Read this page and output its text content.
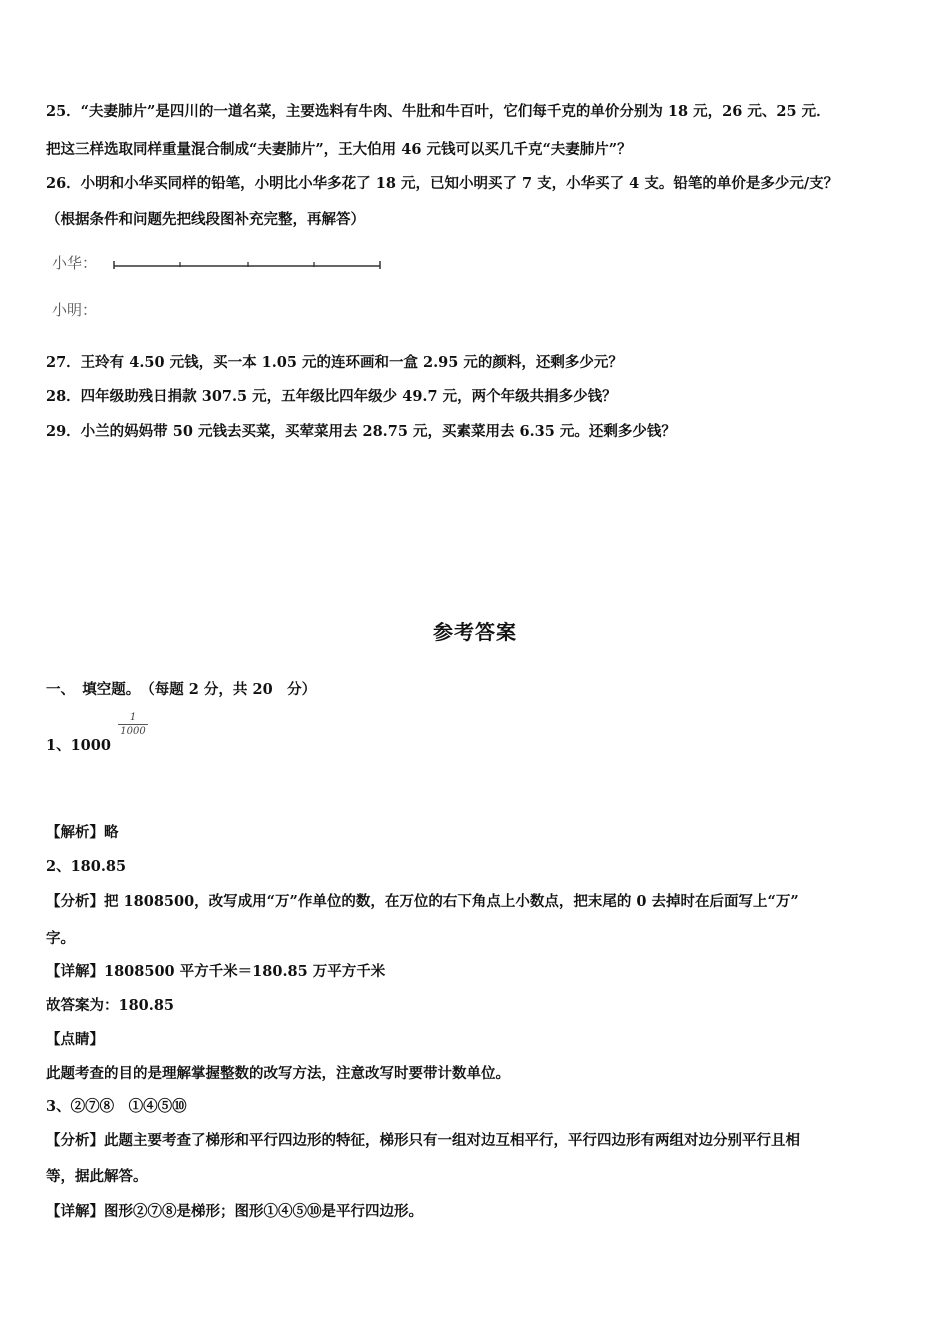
25．“夫妻肺片”是四川的一道名菜，主要选料有牛肉、牛肚和牛百叶，它们每千克的单价分别为 18 元，26 元、25 元．
把这三样选取同样重量混合制成“夫妻肺片”，王大伯用 46 元钱可以买几千克“夫妻肺片”？
26．小明和小华买同样的铅笔，小明比小华多花了 18 元，已知小明买了 7 支，小华买了 4 支。铅笔的单价是多少元/支？
（根据条件和问题先把线段图补充完整，再解答）
小华：
小明：
27．王玲有 4.50 元钱，买一本 1.05 元的连环画和一盒 2.95 元的颜料，还剩多少元？
28．四年级助残日捐款 307.5 元，五年级比四年级少 49.7 元，两个年级共捐多少钱？
29．小兰的妈妈带 50 元钱去买菜，买荤菜用去 28.75 元，买素菜用去 6.35 元。还剩多少钱？
参考答案
一、　填空题。　（每题 2 分，共 20　分）
1、1000
1
1000
【解析】略
2、180.85
【分析】把 1808500，改写成用“万”作单位的数，在万位的右下角点上小数点，把末尾的 0 去掉时在后面写上“万”
字。
【详解】1808500 平方千米＝180.85 万平方千米
故答案为：180.85
【点睛】
此题考查的目的是理解掌握整数的改写方法，注意改写时要带计数单位。
3、②⑦⑧　①④⑤⑩
【分析】此题主要考查了梯形和平行四边形的特征，梯形只有一组对边互相平行，平行四边形有两组对边分别平行且相
等，据此解答。
【详解】图形②⑦⑧是梯形；图形①④⑤⑩是平行四边形。
